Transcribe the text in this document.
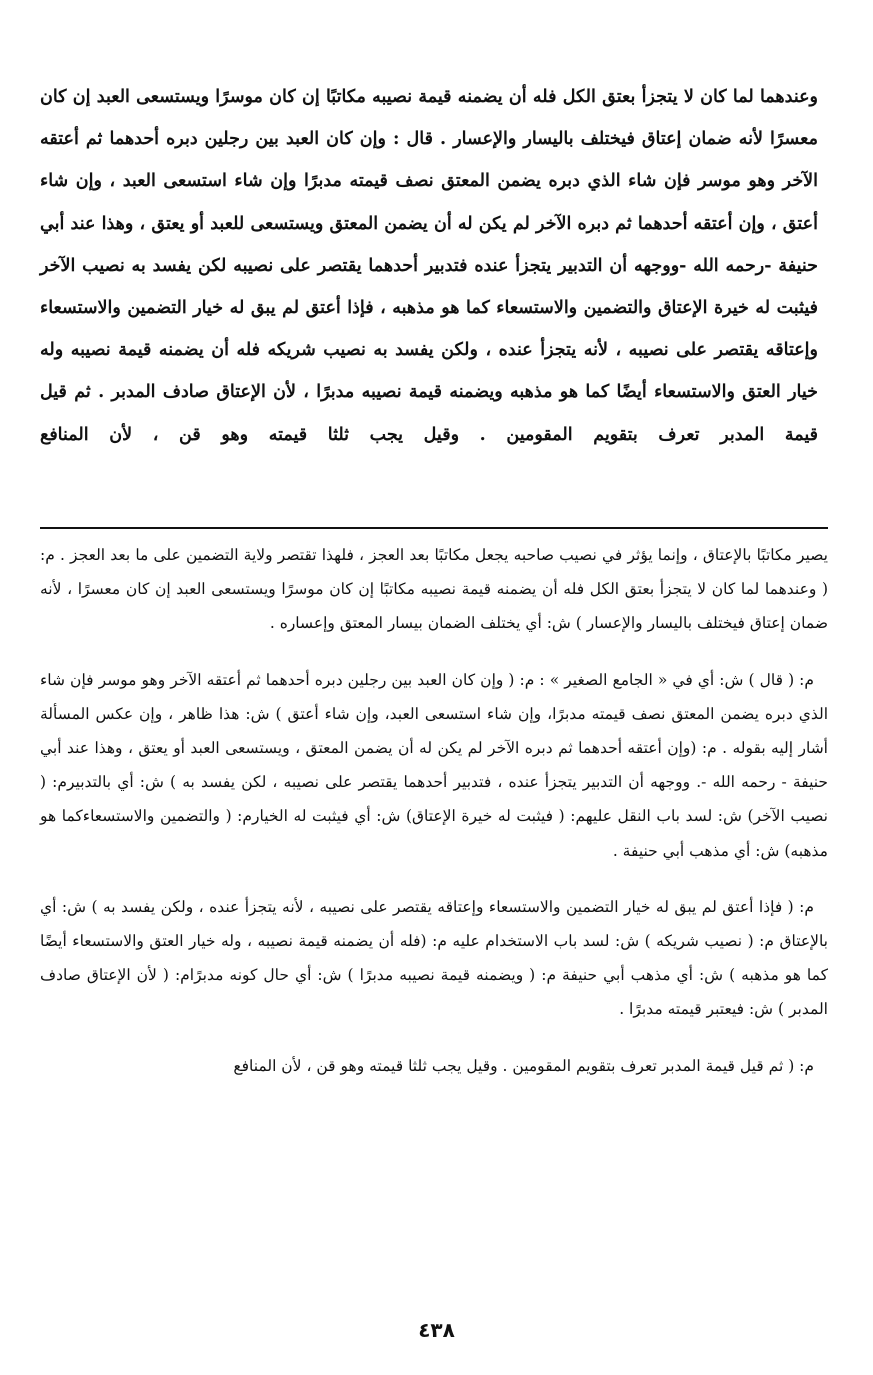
وعندهما لما كان لا يتجزأ بعتق الكل فله أن يضمنه قيمة نصيبه مكاتبًا إن كان موسرًا ويستسعى العبد إن كان معسرًا لأنه ضمان إعتاق فيختلف باليسار والإعسار . قال : وإن كان العبد بين رجلين دبره أحدهما ثم أعتقه الآخر وهو موسر فإن شاء الذي دبره يضمن المعتق نصف قيمته مدبرًا وإن شاء استسعى العبد ، وإن شاء أعتق ، وإن أعتقه أحدهما ثم دبره الآخر لم يكن له أن يضمن المعتق ويستسعى للعبد أو يعتق ، وهذا عند أبي حنيفة -رحمه الله -ووجهه أن التدبير يتجزأ عنده فتدبير أحدهما يقتصر على نصيبه لكن يفسد به نصيب الآخر فيثبت له خيرة الإعتاق والتضمين والاستسعاء كما هو مذهبه ، فإذا أعتق لم يبق له خيار التضمين والاستسعاء وإعتاقه يقتصر على نصيبه ، لأنه يتجزأ عنده ، ولكن يفسد به نصيب شريكه فله أن يضمنه قيمة نصيبه وله خيار العتق والاستسعاء أيضًا كما هو مذهبه ويضمنه قيمة نصيبه مدبرًا ، لأن الإعتاق صادف المدبر . ثم قيل قيمة المدبر تعرف بتقويم المقومين . وقيل يجب ثلثا قيمته وهو قن ، لأن المنافع

يصير مكاتبًا بالإعتاق ، وإنما يؤثر في نصيب صاحبه يجعل مكاتبًا بعد العجز ، فلهذا تقتصر ولاية التضمين على ما بعد العجز . م: ( وعندهما لما كان لا يتجزأ بعتق الكل فله أن يضمنه قيمة نصيبه مكاتبًا إن كان موسرًا ويستسعى العبد إن كان معسرًا ، لأنه ضمان إعتاق فيختلف باليسار والإعسار ) ش: أي يختلف الضمان بيسار المعتق وإعساره .

م: ( قال ) ش: أي في « الجامع الصغير » : م: ( وإن كان العبد بين رجلين دبره أحدهما ثم أعتقه الآخر وهو موسر فإن شاء الذي دبره يضمن المعتق نصف قيمته مدبرًا، وإن شاء استسعى العبد، وإن شاء أعتق ) ش: هذا ظاهر ، وإن عكس المسألة أشار إليه بقوله . م: (وإن أعتقه أحدهما ثم دبره الآخر لم يكن له أن يضمن المعتق ، ويستسعى العبد أو يعتق ، وهذا عند أبي حنيفة - رحمه الله -. ووجهه أن التدبير يتجزأ عنده ، فتدبير أحدهما يقتصر على نصيبه ، لكن يفسد به ) ش: أي بالتدبيرم: ( نصيب الآخر) ش: لسد باب النقل عليهم: ( فيثبت له خيرة الإعتاق) ش: أي فيثبت له الخيارم: ( والتضمين والاستسعاءكما هو مذهبه) ش: أي مذهب أبي حنيفة .

م: ( فإذا أعتق لم يبق له خيار التضمين والاستسعاء وإعتاقه يقتصر على نصيبه ، لأنه يتجزأ عنده ، ولكن يفسد به ) ش: أي بالإعتاق م: ( نصيب شريكه ) ش: لسد باب الاستخدام عليه م: (فله أن يضمنه قيمة نصيبه ، وله خيار العتق والاستسعاء أيضًا كما هو مذهبه ) ش: أي مذهب أبي حنيفة م: ( ويضمنه قيمة نصيبه مدبرًا ) ش: أي حال كونه مدبرًام: ( لأن الإعتاق صادف المدبر ) ش: فيعتبر قيمته مدبرًا .

م: ( ثم قيل قيمة المدبر تعرف بتقويم المقومين . وقيل يجب ثلثا قيمته وهو قن ، لأن المنافع

٤٣٨
